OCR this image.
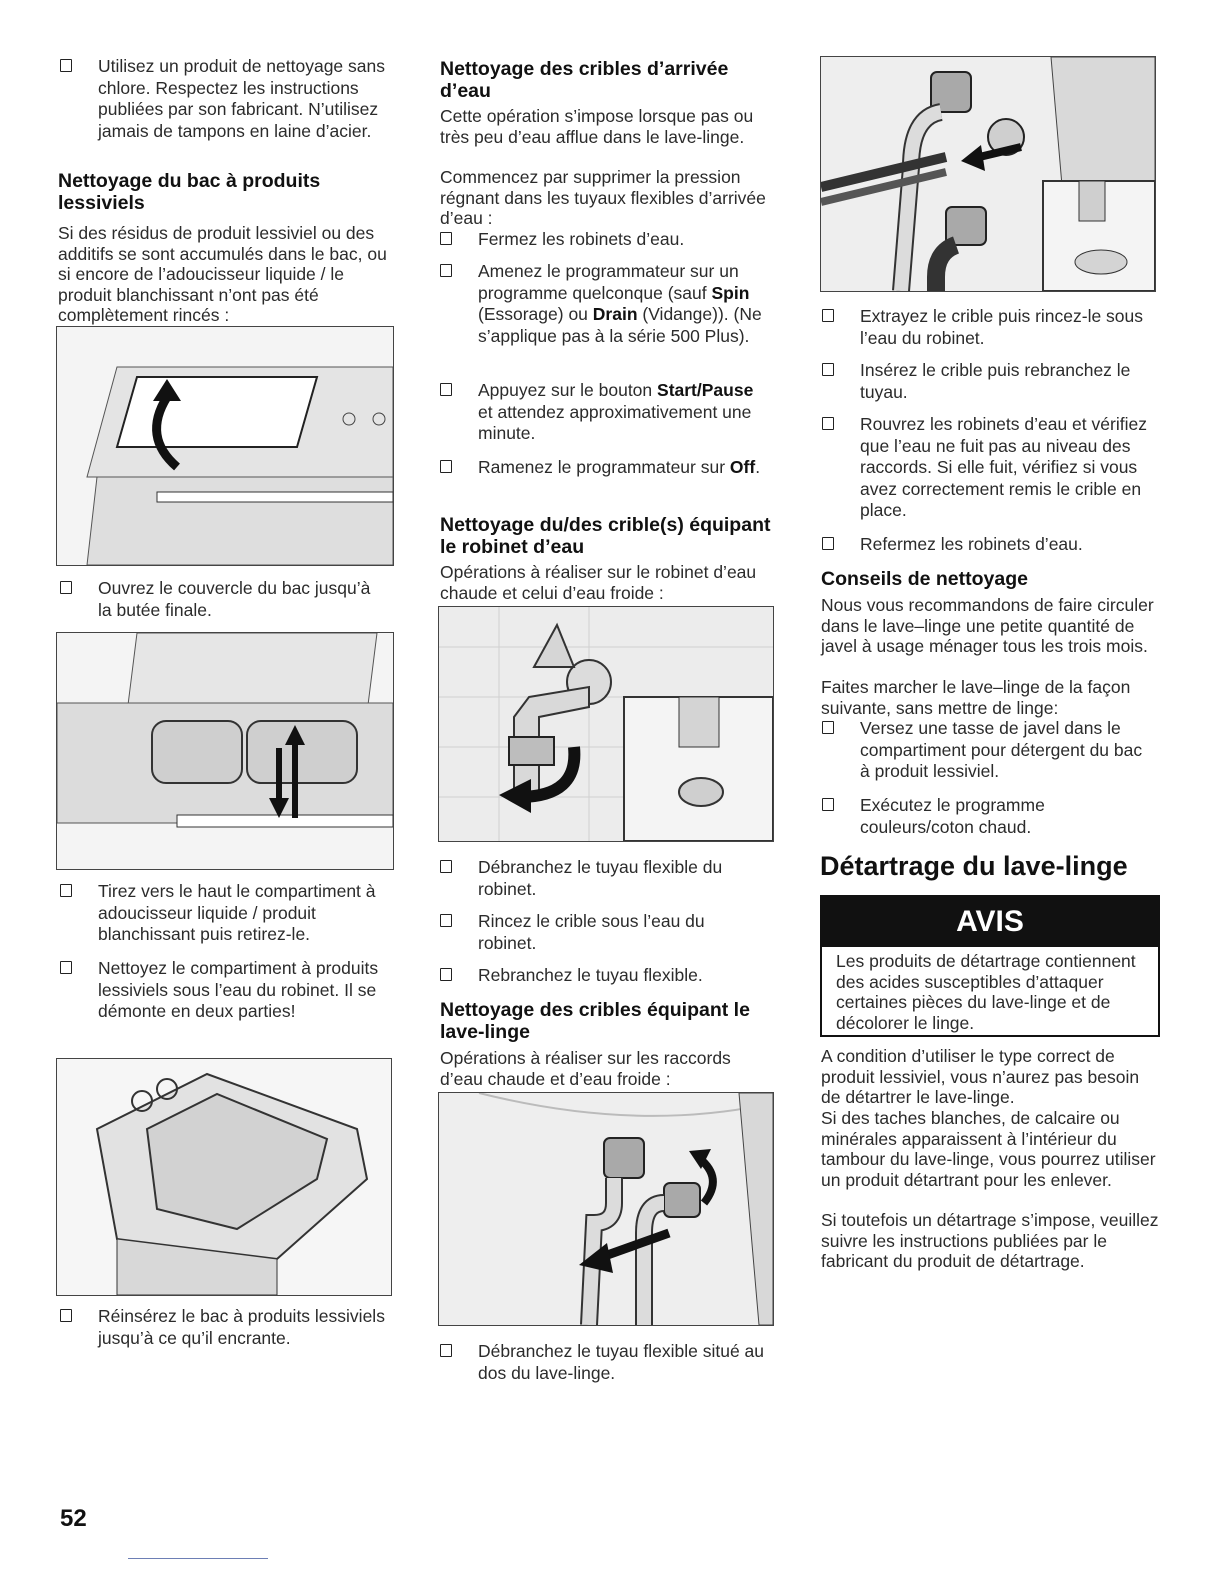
Utilisez un produit de nettoyage sans chlore. Respectez les instructions publiées par son fabricant. N’utilisez jamais de tampons en laine d’acier.

Nettoyage du bac à produits lessiviels

Si des résidus de produit lessiviel ou des additifs se sont accumulés dans le bac, ou si encore de l’adoucisseur liquide / le produit blanchissant n’ont pas été complètement rincés :

Ouvrez le couvercle du bac jusqu’à la butée finale.
Tirez vers le haut le compartiment à adoucisseur liquide / produit blanchissant puis retirez-le.
Nettoyez le compartiment à produits lessiviels sous l’eau du robinet. Il se démonte en deux parties!
Réinsérez le bac à produits lessiviels jusqu’à ce qu’il encrante.

Nettoyage des cribles d’arrivée d’eau

Cette opération s’impose lorsque pas ou très peu d’eau afflue dans le lave-linge.

Commencez par supprimer la pression régnant dans les tuyaux flexibles d’arrivée d’eau :

Fermez les robinets d’eau.
Amenez le programmateur sur un programme quelconque (sauf Spin (Essorage) ou Drain (Vidange)). (Ne s’applique pas à la série 500 Plus).
Appuyez sur le bouton Start/Pause et attendez approximativement une minute.
Ramenez le programmateur sur Off.

Nettoyage du/des crible(s) équipant le robinet d’eau

Opérations à réaliser sur le robinet d’eau chaude et celui d’eau froide :

Débranchez le tuyau flexible du robinet.
Rincez le crible sous l’eau du robinet.
Rebranchez le tuyau flexible.

Nettoyage des cribles équipant le lave-linge

Opérations à réaliser sur les raccords d’eau chaude et d’eau froide :

Débranchez le tuyau flexible situé au dos du lave-linge.
Extrayez le crible puis rincez-le sous l’eau du robinet.
Insérez le crible puis rebranchez le tuyau.
Rouvrez les robinets d’eau et vérifiez que l’eau ne fuit pas au niveau des raccords. Si elle fuit, vérifiez si vous avez correctement remis le crible en place.
Refermez les robinets d’eau.

Conseils de nettoyage

Nous vous recommandons de faire circuler dans le lave–linge une petite quantité de javel à usage ménager tous les trois mois.

Faites marcher le lave–linge de la façon suivante, sans mettre de linge:

Versez une tasse de javel dans le compartiment pour détergent du bac à produit lessiviel.
Exécutez le programme couleurs/coton chaud.

Détartrage du lave-linge

AVIS
Les produits de détartrage contiennent des acides susceptibles d’attaquer certaines pièces du lave-linge et de décolorer le linge.

A condition d’utiliser le type correct de produit lessiviel, vous n’aurez pas besoin de détartrer le lave-linge.

Si des taches blanches, de calcaire ou minérales apparaissent à l’intérieur du tambour du lave-linge, vous pourrez utiliser un produit détartrant pour les enlever.

Si toutefois un détartrage s’impose, veuillez suivre les instructions publiées par le fabricant du produit de détartrage.

52
